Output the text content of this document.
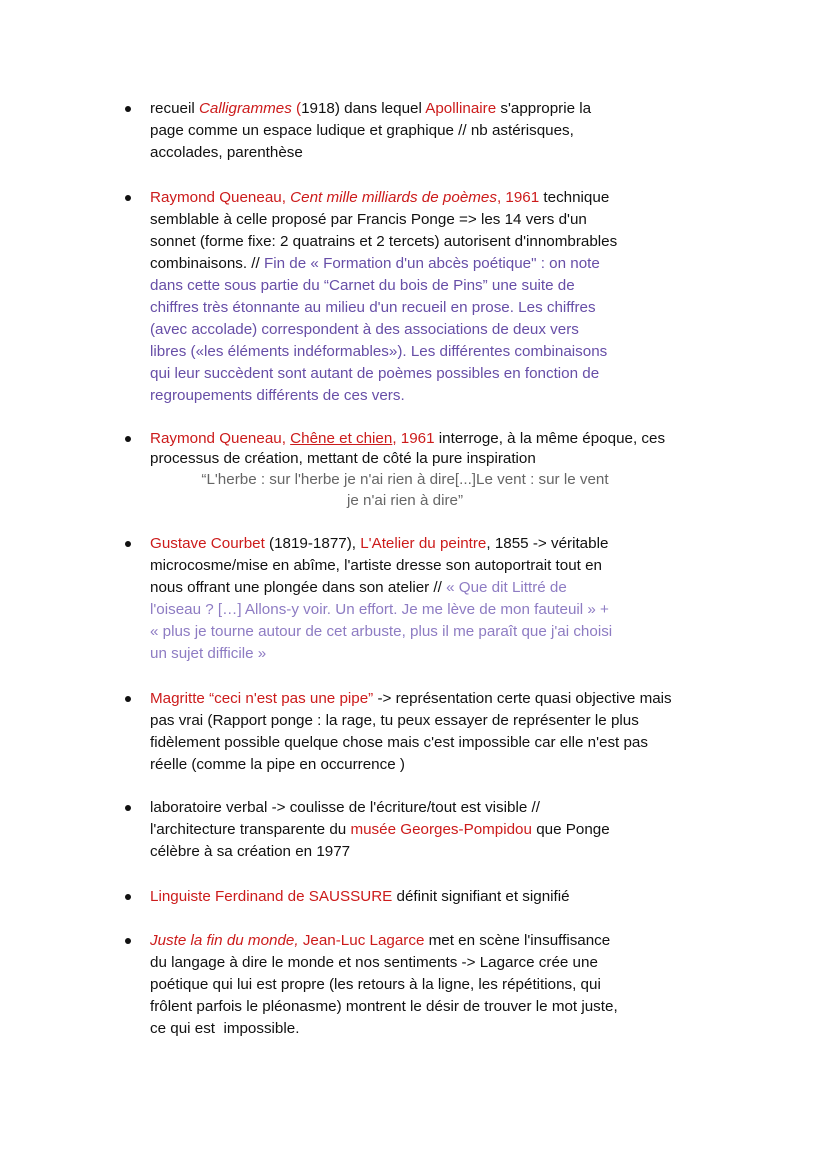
recueil Calligrammes (1918) dans lequel Apollinaire s'approprie la
page comme un espace ludique et graphique // nb astérisques,
accolades, parenthèse
Raymond Queneau, Cent mille milliards de poèmes, 1961 technique
semblable à celle proposé par Francis Ponge => les 14 vers d'un
sonnet (forme fixe: 2 quatrains et 2 tercets) autorisent d'innombrables
combinaisons. // Fin de « Formation d'un abcès poétique" : on note
dans cette sous partie du “Carnet du bois de Pins” une suite de
chiffres très étonnante au milieu d'un recueil en prose. Les chiffres
(avec accolade) correspondent à des associations de deux vers
libres («les éléments indéformables»). Les différentes combinaisons
qui leur succèdent sont autant de poèmes possibles en fonction de
regroupements différents de ces vers.
Raymond Queneau, Chêne et chien, 1961 interroge, à la même époque, ces
processus de création, mettant de côté la pure inspiration
“L'herbe : sur l'herbe je n'ai rien à dire[...]Le vent : sur le vent
je n'ai rien à dire”
Gustave Courbet (1819-1877), L'Atelier du peintre, 1855 -> véritable
microcosme/mise en abîme, l'artiste dresse son autoportrait tout en
nous offrant une plongée dans son atelier // « Que dit Littré de
l'oiseau ? […] Allons-y voir. Un effort. Je me lève de mon fauteuil » +
« plus je tourne autour de cet arbuste, plus il me paraît que j'ai choisi
un sujet difficile »
Magritte “ceci n'est pas une pipe” -> représentation certe quasi objective mais
pas vrai (Rapport ponge : la rage, tu peux essayer de représenter le plus
fidèlement possible quelque chose mais c'est impossible car elle n'est pas
réelle (comme la pipe en occurrence )
laboratoire verbal -> coulisse de l'écriture/tout est visible //
l'architecture transparente du musée Georges-Pompidou que Ponge
célèbre à sa création en 1977
Linguiste Ferdinand de SAUSSURE définit signifiant et signifié
Juste la fin du monde, Jean-Luc Lagarce met en scène l'insuffisance
du langage à dire le monde et nos sentiments -> Lagarce crée une
poétique qui lui est propre (les retours à la ligne, les répétitions, qui
frôlent parfois le pléonasme) montrent le désir de trouver le mot juste,
ce qui est  impossible.
